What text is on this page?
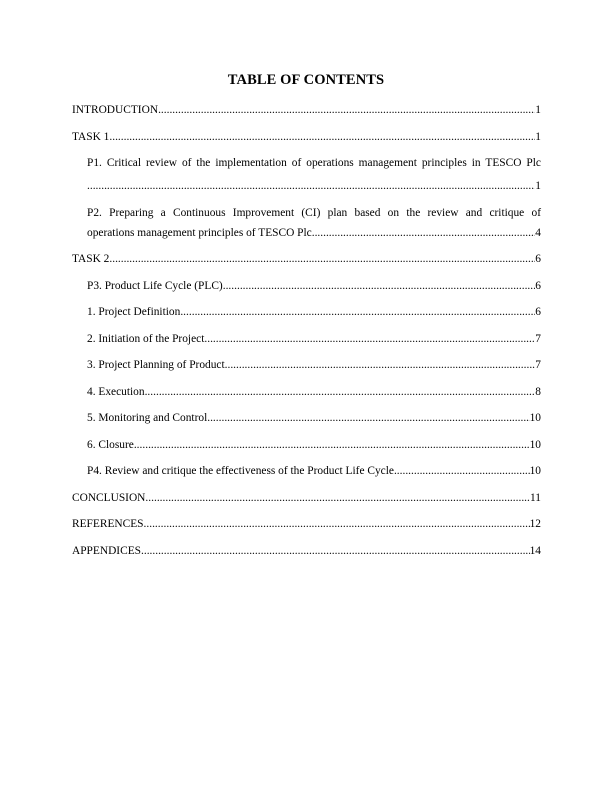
TABLE OF CONTENTS
INTRODUCTION .....	1
TASK 1 .....	1
P1. Critical review of the implementation of operations management principles in TESCO Plc
.....
1
P2. Preparing a Continuous Improvement (CI) plan based on the review and critique of
operations management principles of TESCO Plc .....	4
TASK 2 .....	6
P3. Product Life Cycle (PLC) .....	6
1. Project Definition .....	6
2. Initiation of the Project .....	7
3. Project Planning of Product .....	7
4. Execution .....	8
5. Monitoring and Control .....	10
6. Closure .....	10
P4. Review and critique the effectiveness of the Product Life Cycle .....	10
CONCLUSION .....	11
REFERENCES .....	12
APPENDICES .....	14
